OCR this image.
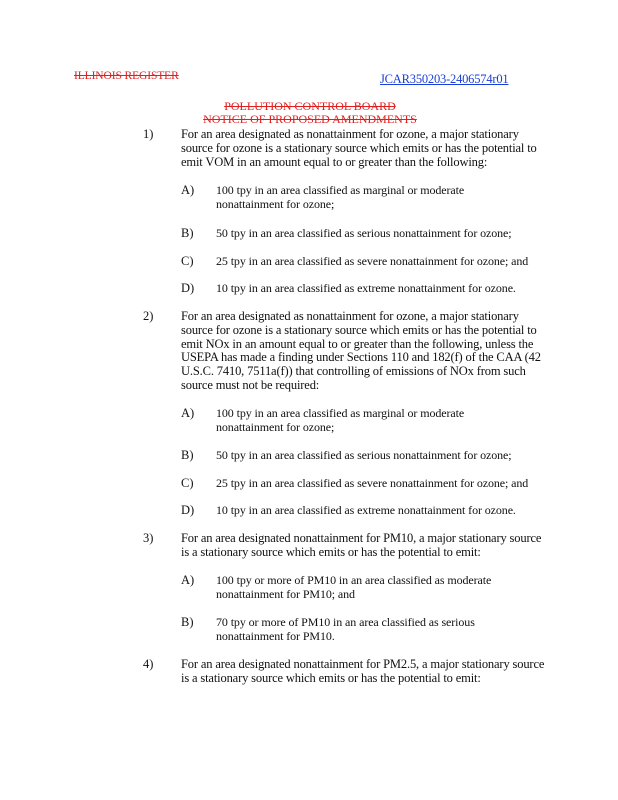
ILLINOIS REGISTER	JCAR350203-2406574r01
POLLUTION CONTROL BOARD
NOTICE OF PROPOSED AMENDMENTS
1) For an area designated as nonattainment for ozone, a major stationary
source for ozone is a stationary source which emits or has the potential to
emit VOM in an amount equal to or greater than the following:
A) 100 tpy in an area classified as marginal or moderate
nonattainment for ozone;
B) 50 tpy in an area classified as serious nonattainment for ozone;
C) 25 tpy in an area classified as severe nonattainment for ozone; and
D) 10 tpy in an area classified as extreme nonattainment for ozone.
2) For an area designated as nonattainment for ozone, a major stationary
source for ozone is a stationary source which emits or has the potential to
emit NOx in an amount equal to or greater than the following, unless the
USEPA has made a finding under Sections 110 and 182(f) of the CAA (42
U.S.C. 7410, 7511a(f)) that controlling of emissions of NOx from such
source must not be required:
A) 100 tpy in an area classified as marginal or moderate
nonattainment for ozone;
B) 50 tpy in an area classified as serious nonattainment for ozone;
C) 25 tpy in an area classified as severe nonattainment for ozone; and
D) 10 tpy in an area classified as extreme nonattainment for ozone.
3) For an area designated nonattainment for PM10, a major stationary source
is a stationary source which emits or has the potential to emit:
A) 100 tpy or more of PM10 in an area classified as moderate
nonattainment for PM10; and
B) 70 tpy or more of PM10 in an area classified as serious
nonattainment for PM10.
4) For an area designated nonattainment for PM2.5, a major stationary source
is a stationary source which emits or has the potential to emit:
